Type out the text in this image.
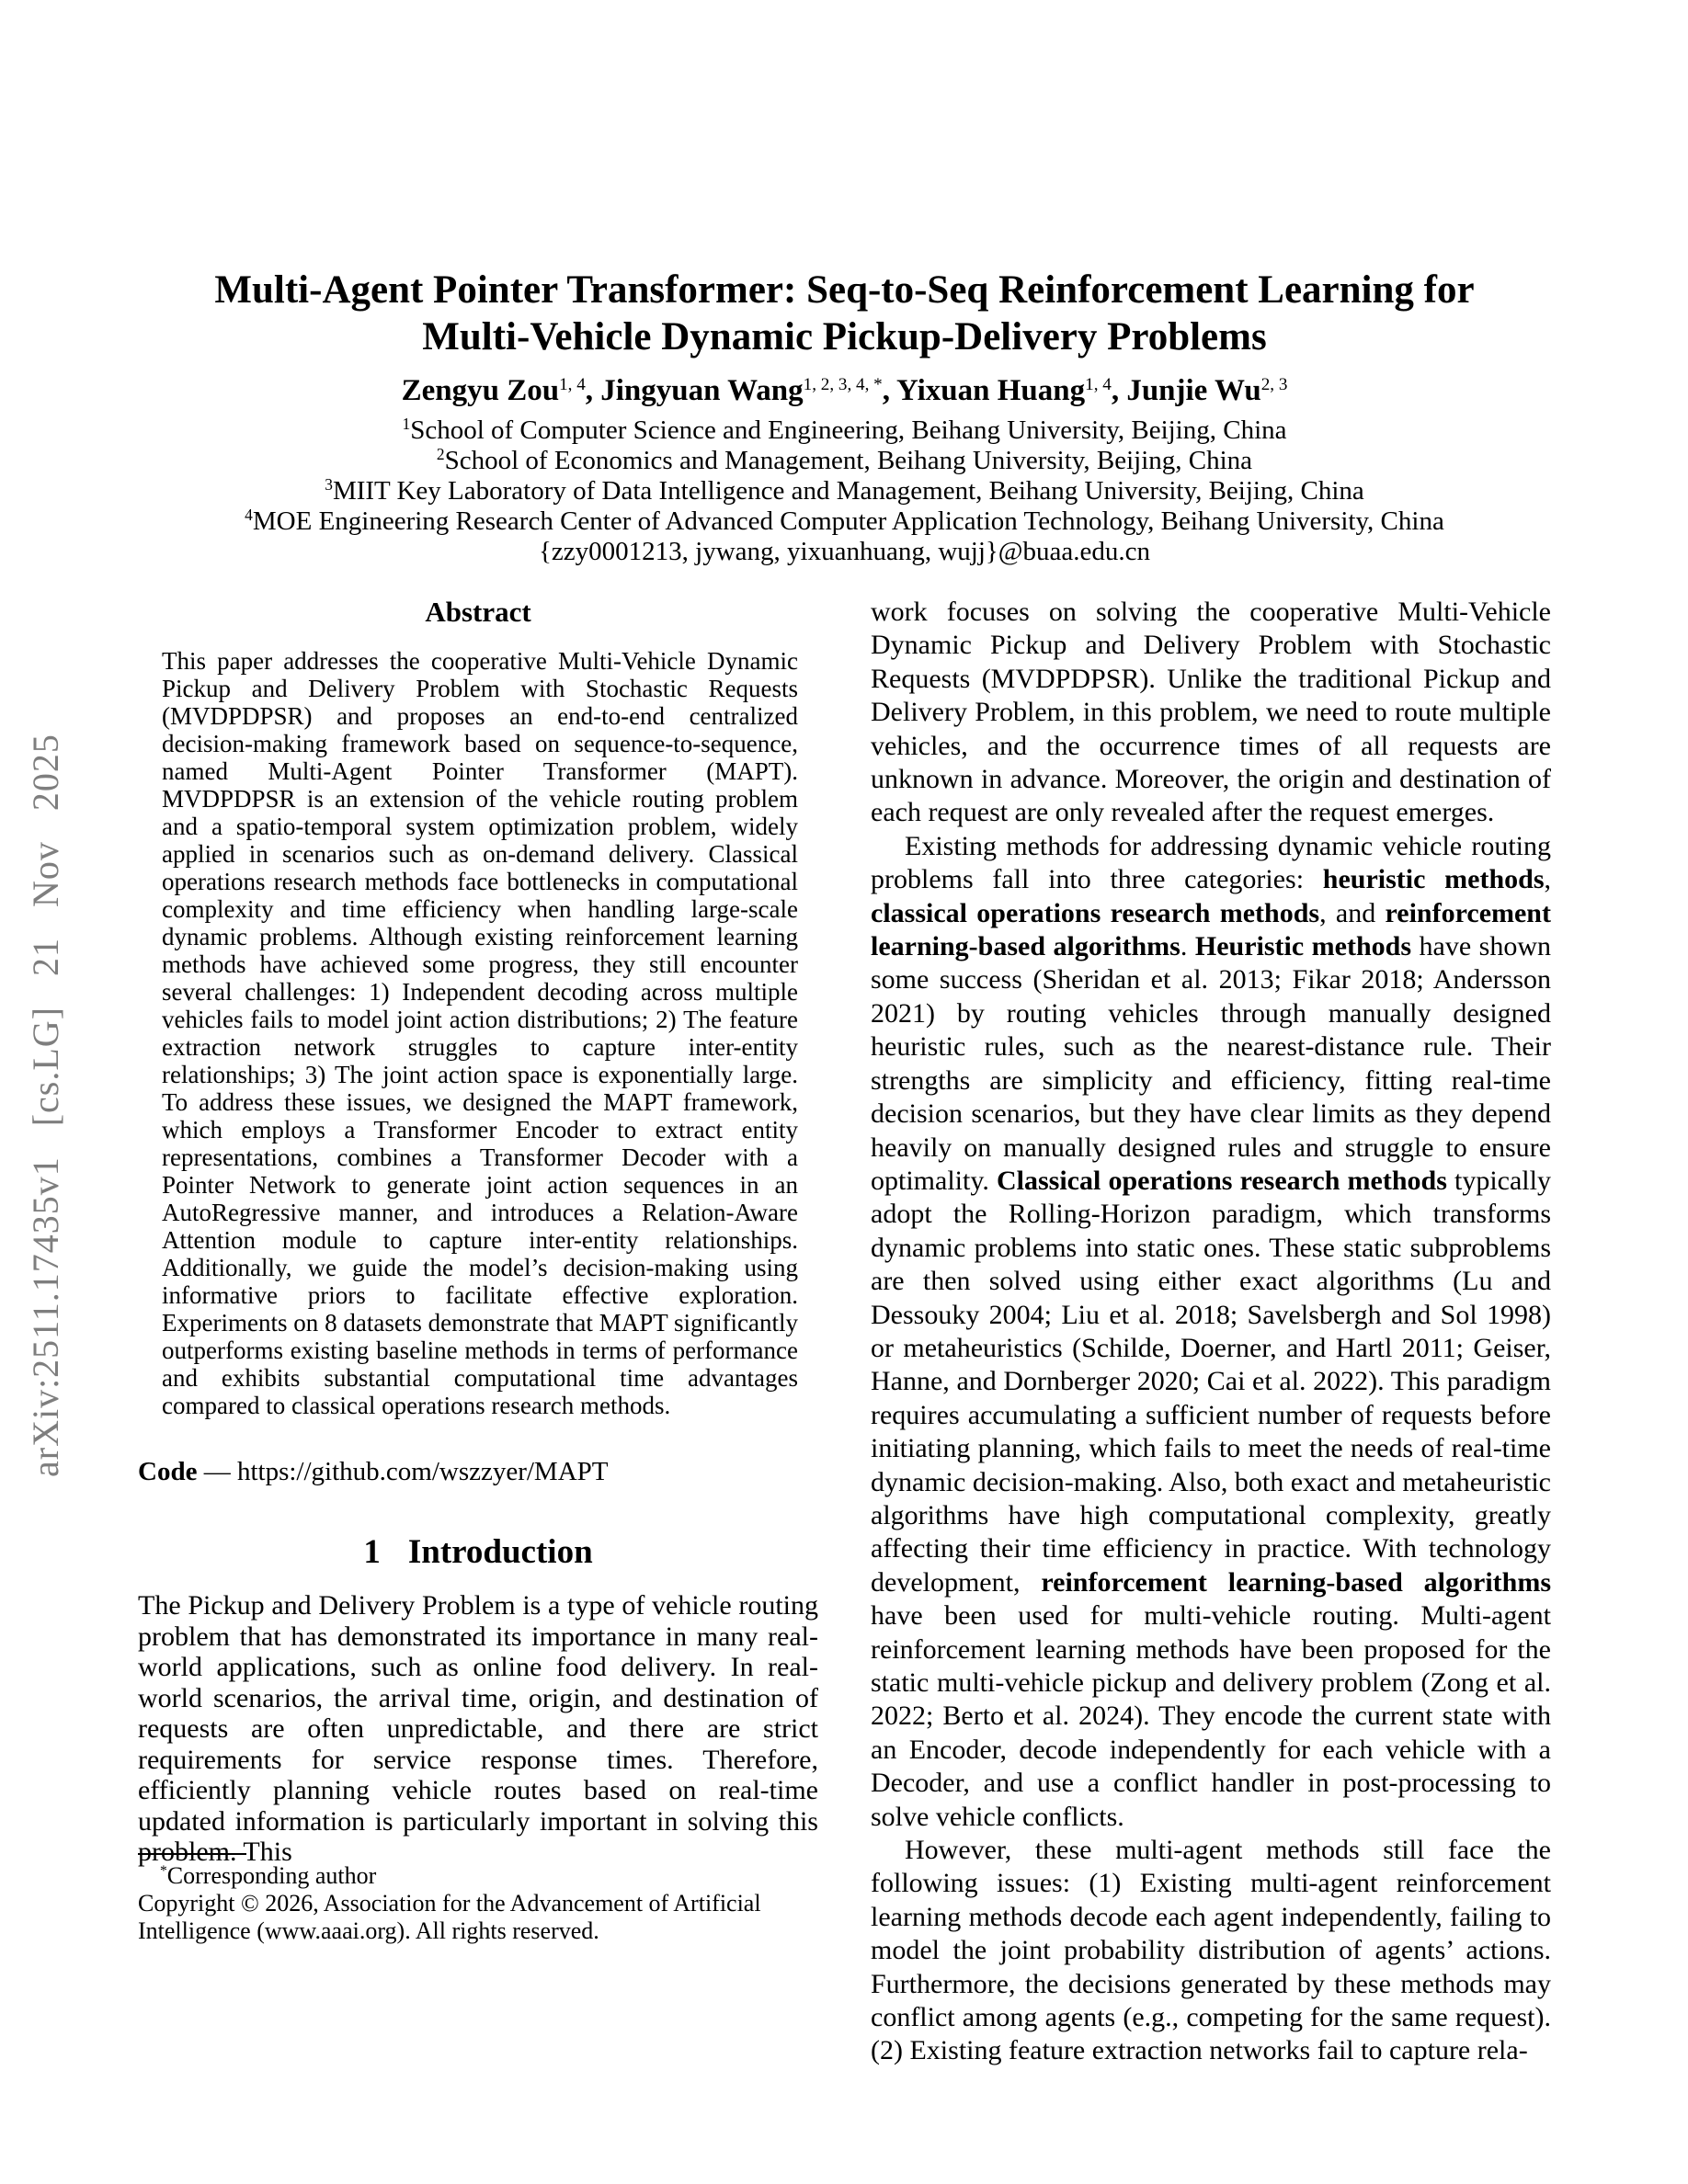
arXiv:2511.17435v1 [cs.LG] 21 Nov 2025
Multi-Agent Pointer Transformer: Seq-to-Seq Reinforcement Learning for
Multi-Vehicle Dynamic Pickup-Delivery Problems
Zengyu Zou$^{1, 4}$, Jingyuan Wang$^{1, 2, 3, 4, *}$, Yixuan Huang$^{1, 4}$, Junjie Wu$^{2, 3}$
$^1$School of Computer Science and Engineering, Beihang University, Beijing, China
$^2$School of Economics and Management, Beihang University, Beijing, China
$^3$MIIT Key Laboratory of Data Intelligence and Management, Beihang University, Beijing, China
$^4$MOE Engineering Research Center of Advanced Computer Application Technology, Beihang University, China
{zzy0001213, jywang, yixuanhuang, wujj}@buaa.edu.cn
Abstract
This paper addresses the cooperative Multi-Vehicle Dynamic Pickup and Delivery Problem with Stochastic Requests (MVDPDPSR) and proposes an end-to-end centralized decision-making framework based on sequence-to-sequence, named Multi-Agent Pointer Transformer (MAPT). MVDPDPSR is an extension of the vehicle routing problem and a spatio-temporal system optimization problem, widely applied in scenarios such as on-demand delivery. Classical operations research methods face bottlenecks in computational complexity and time efficiency when handling large-scale dynamic problems. Although existing reinforcement learning methods have achieved some progress, they still encounter several challenges: 1) Independent decoding across multiple vehicles fails to model joint action distributions; 2) The feature extraction network struggles to capture inter-entity relationships; 3) The joint action space is exponentially large. To address these issues, we designed the MAPT framework, which employs a Transformer Encoder to extract entity representations, combines a Transformer Decoder with a Pointer Network to generate joint action sequences in an AutoRegressive manner, and introduces a Relation-Aware Attention module to capture inter-entity relationships. Additionally, we guide the model’s decision-making using informative priors to facilitate effective exploration. Experiments on 8 datasets demonstrate that MAPT significantly outperforms existing baseline methods in terms of performance and exhibits substantial computational time advantages compared to classical operations research methods.
Code — https://github.com/wszzyer/MAPT
1 Introduction

The Pickup and Delivery Problem is a type of vehicle routing problem that has demonstrated its importance in many real-world applications, such as online food delivery. In real-world scenarios, the arrival time, origin, and destination of requests are often unpredictable, and there are strict requirements for service response times. Therefore, efficiently planning vehicle routes based on real-time updated information is particularly important in solving this problem. This

*Corresponding author
Copyright © 2026, Association for the Advancement of Artificial Intelligence (www.aaai.org). All rights reserved.

work focuses on solving the cooperative Multi-Vehicle Dynamic Pickup and Delivery Problem with Stochastic Requests (MVDPDPSR). Unlike the traditional Pickup and Delivery Problem, in this problem, we need to route multiple vehicles, and the occurrence times of all requests are unknown in advance. Moreover, the origin and destination of each request are only revealed after the request emerges.

Existing methods for addressing dynamic vehicle routing problems fall into three categories: heuristic methods, classical operations research methods, and reinforcement learning-based algorithms. Heuristic methods have shown some success (Sheridan et al. 2013; Fikar 2018; Andersson 2021) by routing vehicles through manually designed heuristic rules, such as the nearest-distance rule. Their strengths are simplicity and efficiency, fitting real-time decision scenarios, but they have clear limits as they depend heavily on manually designed rules and struggle to ensure optimality. Classical operations research methods typically adopt the Rolling-Horizon paradigm, which transforms dynamic problems into static ones. These static subproblems are then solved using either exact algorithms (Lu and Dessouky 2004; Liu et al. 2018; Savelsbergh and Sol 1998) or metaheuristics (Schilde, Doerner, and Hartl 2011; Geiser, Hanne, and Dornberger 2020; Cai et al. 2022). This paradigm requires accumulating a sufficient number of requests before initiating planning, which fails to meet the needs of real-time dynamic decision-making. Also, both exact and metaheuristic algorithms have high computational complexity, greatly affecting their time efficiency in practice. With technology development, reinforcement learning-based algorithms have been used for multi-vehicle routing. Multi-agent reinforcement learning methods have been proposed for the static multi-vehicle pickup and delivery problem (Zong et al. 2022; Berto et al. 2024). They encode the current state with an Encoder, decode independently for each vehicle with a Decoder, and use a conflict handler in post-processing to solve vehicle conflicts.

However, these multi-agent methods still face the following issues: (1) Existing multi-agent reinforcement learning methods decode each agent independently, failing to model the joint probability distribution of agents’ actions. Furthermore, the decisions generated by these methods may conflict among agents (e.g., competing for the same request). (2) Existing feature extraction networks fail to capture rela-
